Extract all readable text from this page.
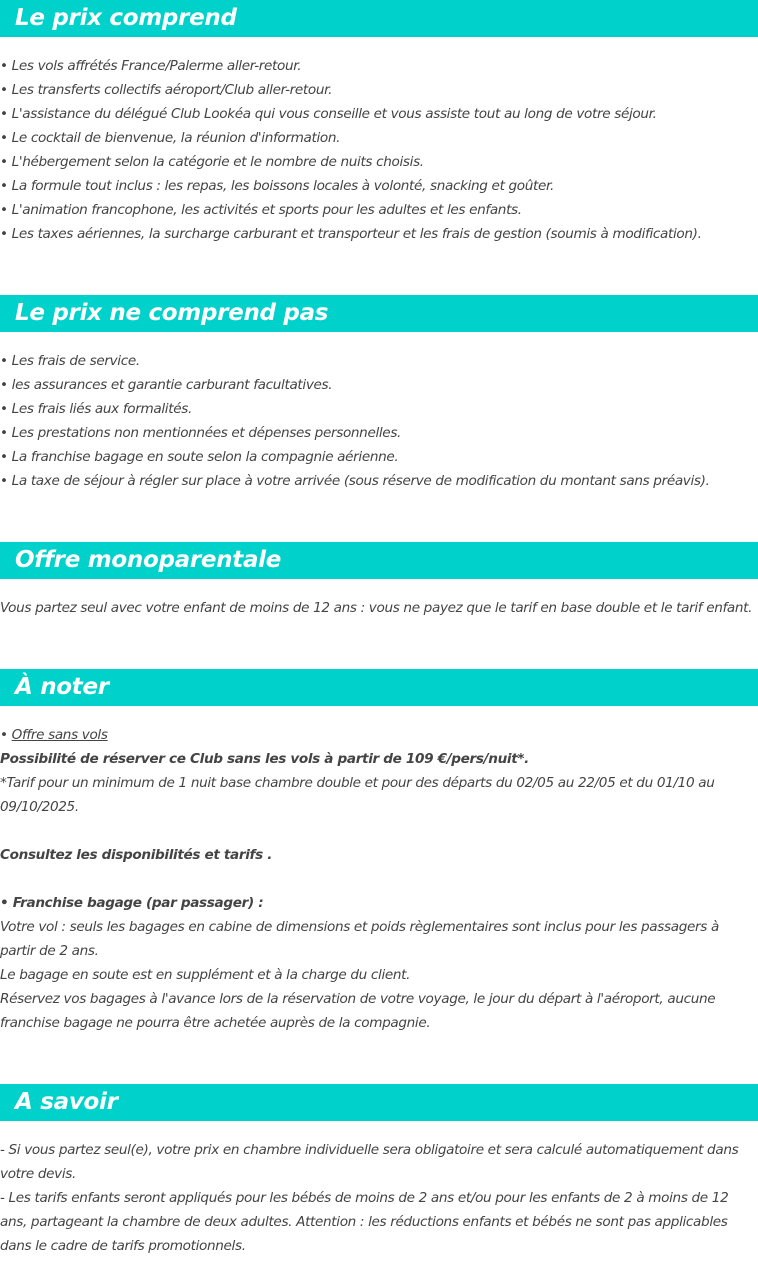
Le prix comprend

• Les vols affrétés France/Palerme aller-retour.

• Les transferts collectifs aéroport/Club aller-retour.

• L'assistance du délégué Club Lookéa qui vous conseille et vous assiste tout au long de votre séjour.

• Le cocktail de bienvenue, la réunion d'information.

• L'hébergement selon la catégorie et le nombre de nuits choisis.

• La formule tout inclus : les repas, les boissons locales à volonté, snacking et goûter.

• L'animation francophone, les activités et sports pour les adultes et les enfants.

• Les taxes aériennes, la surcharge carburant et transporteur et les frais de gestion (soumis à modification).

Le prix ne comprend pas

• Les frais de service.

• les assurances et garantie carburant facultatives.

• Les frais liés aux formalités.

• Les prestations non mentionnées et dépenses personnelles.

• La franchise bagage en soute selon la compagnie aérienne.

• La taxe de séjour à régler sur place à votre arrivée (sous réserve de modification du montant sans préavis).

Offre monoparentale

Vous partez seul avec votre enfant de moins de 12 ans : vous ne payez que le tarif en base double et le tarif enfant.

À noter

• Offre sans vols

Possibilité de réserver ce Club sans les vols à partir de 109 €/pers/nuit*.

*Tarif pour un minimum de 1 nuit base chambre double et pour des départs du 02/05 au 22/05 et du 01/10 au 09/10/2025.

Consultez les disponibilités et tarifs .

• Franchise bagage (par passager) :

Votre vol : seuls les bagages en cabine de dimensions et poids règlementaires sont inclus pour les passagers à partir de 2 ans.

Le bagage en soute est en supplément et à la charge du client.

Réservez vos bagages à l'avance lors de la réservation de votre voyage, le jour du départ à l'aéroport, aucune franchise bagage ne pourra être achetée auprès de la compagnie.

A savoir

- Si vous partez seul(e), votre prix en chambre individuelle sera obligatoire et sera calculé automatiquement dans votre devis.

- Les tarifs enfants seront appliqués pour les bébés de moins de 2 ans et/ou pour les enfants de 2 à moins de 12 ans, partageant la chambre de deux adultes. Attention : les réductions enfants et bébés ne sont pas applicables dans le cadre de tarifs promotionnels.
